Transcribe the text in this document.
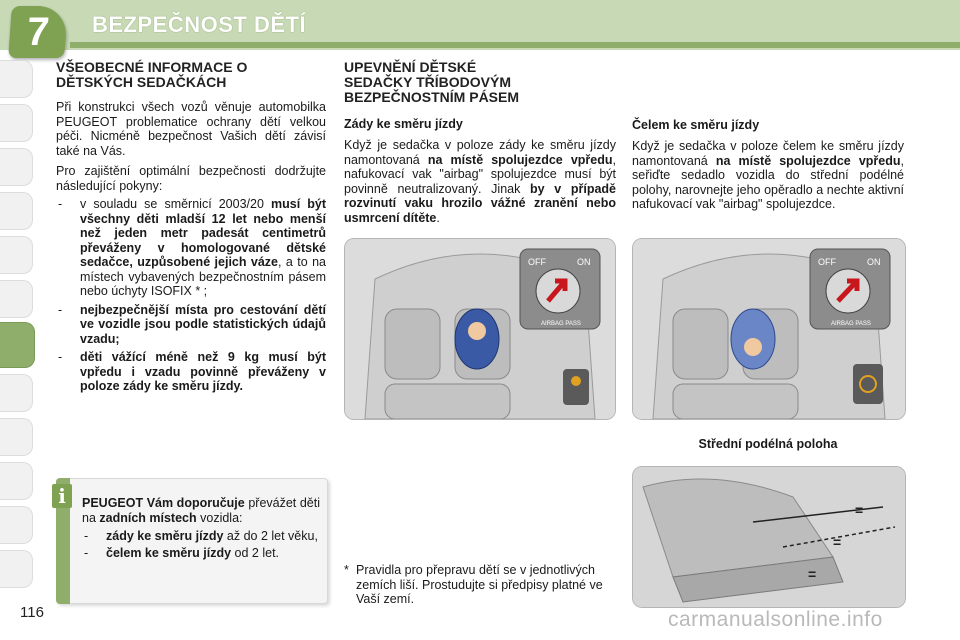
7	BEZPEČNOST DĚTÍ

VŠEOBECNÉ INFORMACE O

DĚTSKÝCH SEDAČKÁCH

Při konstrukci všech vozů věnuje automobilka PEUGEOT problematice ochrany dětí velkou péči. Nicméně bezpečnost Vašich dětí závisí také na Vás.

Pro zajištění optimální bezpečnosti dodržujte následující pokyny:

- v souladu se směrnicí 2003/20 musí být všechny děti mladší 12 let nebo menší než jeden metr padesát centimetrů převáženy v homologované dětské sedačce, uzpůsobené jejich váze, a to na místech vybavených bezpečnostním pásem nebo úchyty ISOFIX * ;
- nejbezpečnější místa pro cestování dětí ve vozidle jsou podle statistických údajů vzadu;
- děti vážící méně než 9 kg musí být vpředu i vzadu povinně převáženy v poloze zády ke směru jízdy.
i	PEUGEOT Vám doporučuje převážet děti na zadních místech vozidla:
- zády ke směru jízdy až do 2 let věku,
- čelem ke směru jízdy od 2 let.

UPEVNĚNÍ DĚTSKÉ

SEDAČKY TŘÍBODOVÝM

BEZPEČNOSTNÍM PÁSEM

Zády ke směru jízdy

Když je sedačka v poloze zády ke směru jízdy namontovaná na místě spolujezdce vpředu, nafukovací vak "airbag" spolujezdce musí být povinně neutralizovaný. Jinak by v případě rozvinutí vaku hrozilo vážné zranění nebo usmrcení dítěte.

Čelem ke směru jízdy

Když je sedačka v poloze čelem ke směru jízdy namontovaná na místě spolujezdce vpředu, seřiďte sedadlo vozidla do střední podélné polohy, narovnejte jeho opěradlo a nechte aktivní nafukovací vak "airbag" spolujezdce.

OFF	ON
AIRBAG PASS
OFF	ON
AIRBAG PASS
Střední podélná poloha
=
=
=
* Pravidla pro přepravu dětí se v jednotlivých zemích liší. Prostudujte si předpisy platné ve Vaší zemí.
116	carmanualsonline.info
